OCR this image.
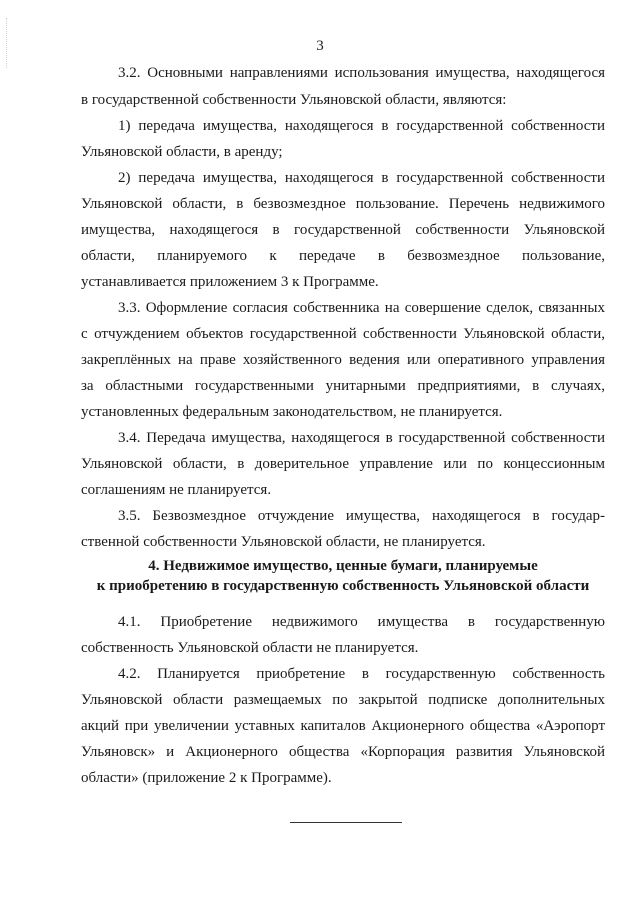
3
3.2. Основными направлениями использования имущества, находящегося
в государственной собственности Ульяновской области, являются:
1) передача имущества, находящегося в государственной собственности
Ульяновской области, в аренду;
2) передача имущества, находящегося в государственной собственности
Ульяновской области, в безвозмездное пользование. Перечень недвижимого
имущества, находящегося в государственной собственности Ульяновской
области, планируемого к передаче в безвозмездное пользование,
устанавливается приложением 3 к Программе.
3.3. Оформление согласия собственника на совершение сделок, связанных
с отчуждением объектов государственной собственности Ульяновской области,
закреплённых на праве хозяйственного ведения или оперативного управления
за областными государственными унитарными предприятиями, в случаях,
установленных федеральным законодательством, не планируется.
3.4. Передача имущества, находящегося в государственной собственности
Ульяновской области, в доверительное управление или по концессионным
соглашениям не планируется.
3.5. Безвозмездное отчуждение имущества, находящегося в государ-
ственной собственности Ульяновской области, не планируется.
4. Недвижимое имущество, ценные бумаги, планируемые
к приобретению в государственную собственность Ульяновской области
4.1. Приобретение недвижимого имущества в государственную
собственность Ульяновской области не планируется.
4.2. Планируется приобретение в государственную собственность
Ульяновской области размещаемых по закрытой подписке дополнительных
акций при увеличении уставных капиталов Акционерного общества «Аэропорт
Ульяновск» и Акционерного общества «Корпорация развития Ульяновской
области» (приложение 2 к Программе).
